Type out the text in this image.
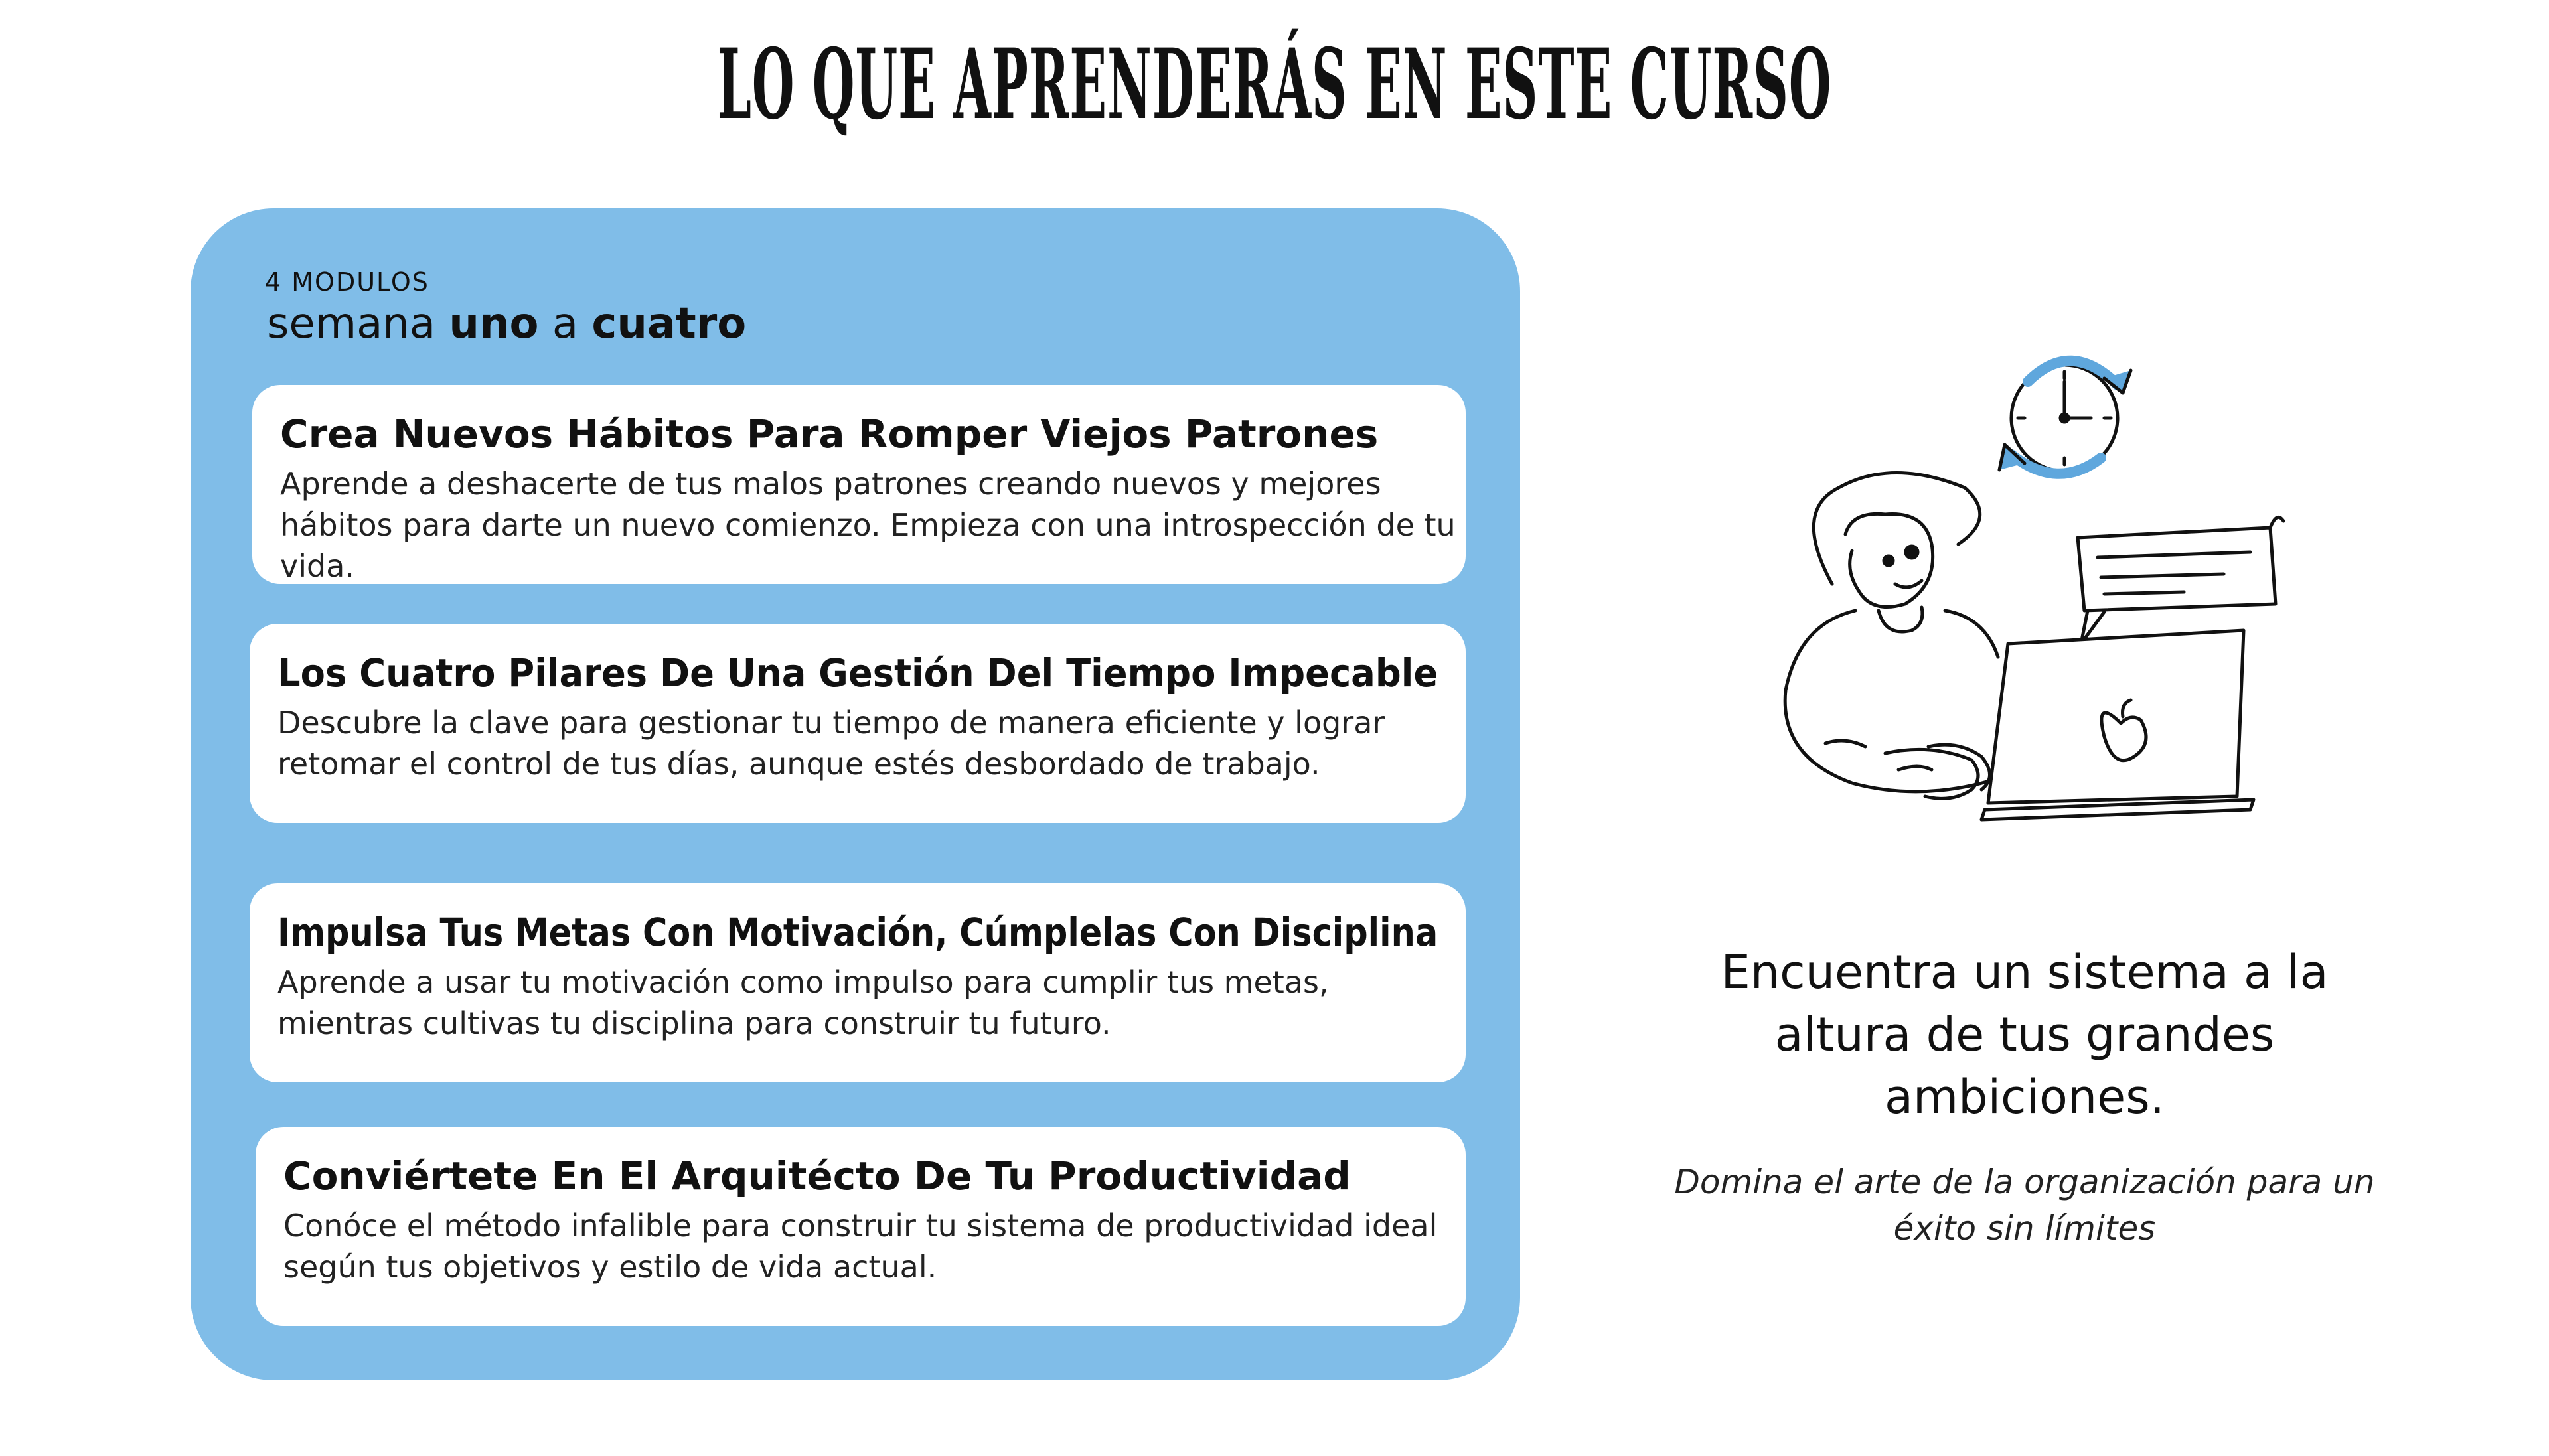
LO QUE APRENDERÁS EN ESTE CURSO
4 MODULOS
semana uno a cuatro
Crea Nuevos Hábitos Para Romper Viejos Patrones
Aprende a deshacerte de tus malos patrones creando nuevos y mejores hábitos para darte un nuevo comienzo. Empieza con una introspección de tu vida.
Los Cuatro Pilares De Una Gestión Del Tiempo Impecable
Descubre la clave para gestionar tu tiempo de manera eficiente y lograr retomar el control de tus días, aunque estés desbordado de trabajo.
Impulsa Tus Metas Con Motivación, Cúmplelas Con Disciplina
Aprende a usar tu motivación como impulso para cumplir tus metas, mientras cultivas tu disciplina para construir tu futuro.
Conviértete En El Arquitécto De Tu Productividad
Conóce el método infalible para construir tu sistema de productividad ideal según tus objetivos y estilo de vida actual.
Encuentra un sistema a la altura de tus grandes ambiciones.
Domina el arte de la organización para un éxito sin límites
